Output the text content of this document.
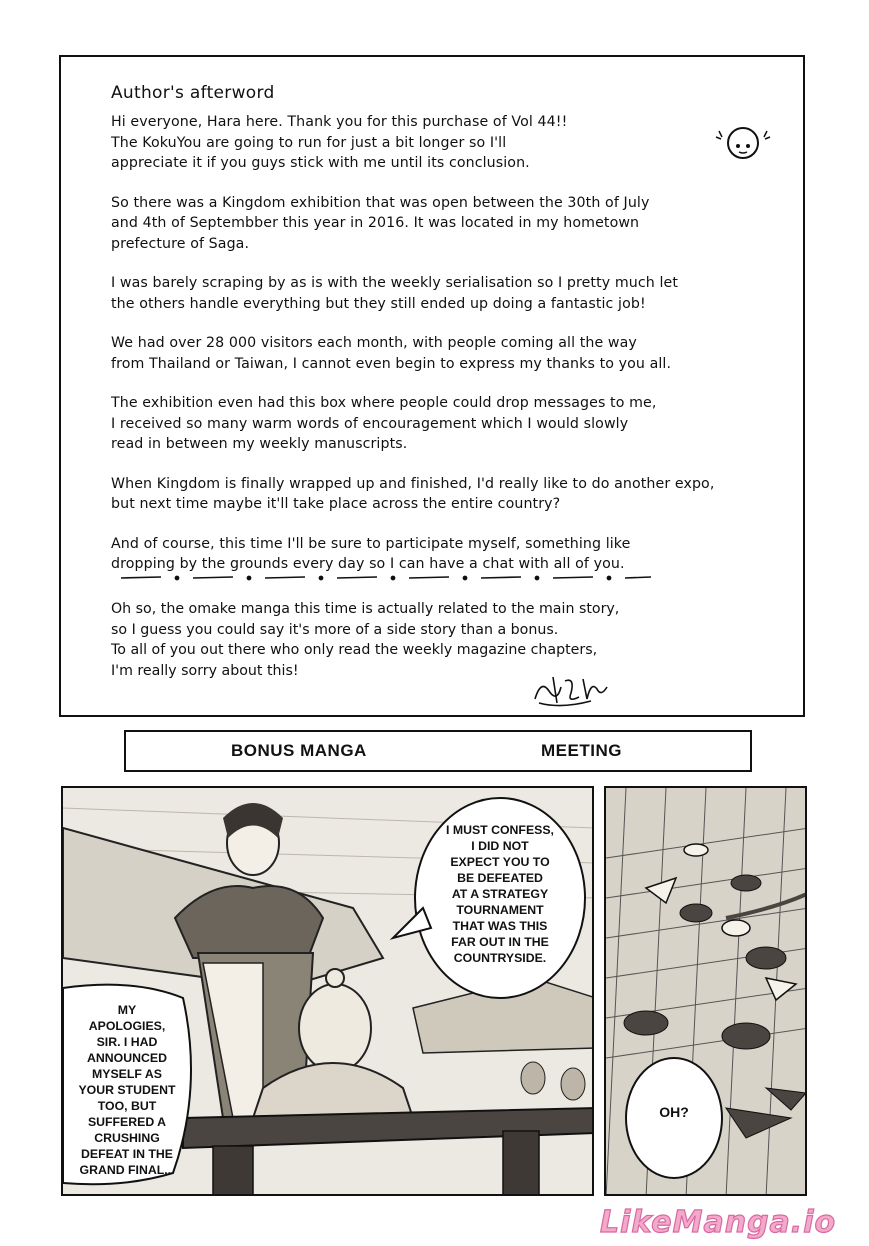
Author's afterword

Hi everyone, Hara here. Thank you for this purchase of Vol 44!!
The KokuYou are going to run for just a bit longer so I'll
appreciate it if you guys stick with me until its conclusion.

So there was a Kingdom exhibition that was open between the 30th of July
and 4th of Septembber this year in 2016. It was located in my hometown
prefecture of Saga.

I was barely scraping by as is with the weekly serialisation so I pretty much let
the others handle everything but they still ended up doing a fantastic job!

We had over 28 000 visitors each month, with people coming all the way
from Thailand or Taiwan, I cannot even begin to express my thanks to you all.

The exhibition even had this box where people could drop messages to me,
I received so many warm words of encouragement which I would slowly
read in between my weekly manuscripts.

When Kingdom is finally wrapped up and finished, I'd really like to do another expo,
but next time maybe it'll take place across the entire country?

And of course, this time I'll be sure to participate myself, something like
dropping by the grounds every day so I can have a chat with all of you.

Oh so, the omake manga this time is actually related to the main story,
so I guess you could say it's more of a side story than a bonus.
To all of you out there who only read the weekly magazine chapters,
I'm really sorry about this!
BONUS MANGA	MEETING
I MUST CONFESS,
I DID NOT
EXPECT YOU TO
BE DEFEATED
AT A STRATEGY
TOURNAMENT
THAT WAS THIS
FAR OUT IN THE
COUNTRYSIDE.
MY
APOLOGIES,
SIR. I HAD
ANNOUNCED
MYSELF AS
YOUR STUDENT
TOO, BUT
SUFFERED A
CRUSHING
DEFEAT IN THE
GRAND FINAL...
OH?
LikeManga.io
